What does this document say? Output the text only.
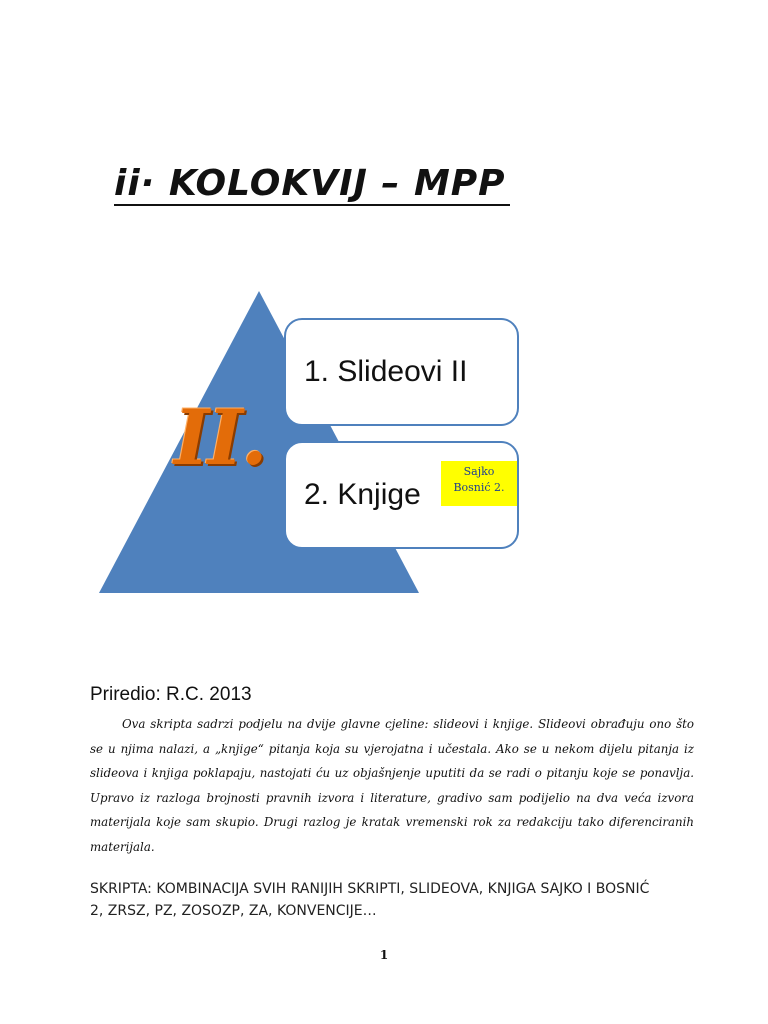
ii· KOLOKVIJ – MPP
1. Slideovi II
2. Knjige
II.	Sajko
Bosnić 2.
Priredio: R.C. 2013
Ova skripta sadrzi podjelu na dvije glavne cjeline: slideovi i knjige. Slideovi obrađuju ono što se u njima nalazi, a „knjige“ pitanja koja su vjerojatna i učestala. Ako se u nekom dijelu pitanja iz slideova i knjiga poklapaju, nastojati ću uz objašnjenje uputiti da se radi o pitanju koje se ponavlja. Upravo iz razloga brojnosti pravnih izvora i literature, gradivo sam podijelio na dva veća izvora materijala koje sam skupio. Drugi razlog je kratak vremenski rok za redakciju tako diferenciranih materijala.
SKRIPTA: KOMBINACIJA SVIH RANIJIH SKRIPTI, SLIDEOVA, KNJIGA SAJKO I BOSNIĆ 2, ZRSZ, PZ, ZOSOZP, ZA, KONVENCIJE…
1
